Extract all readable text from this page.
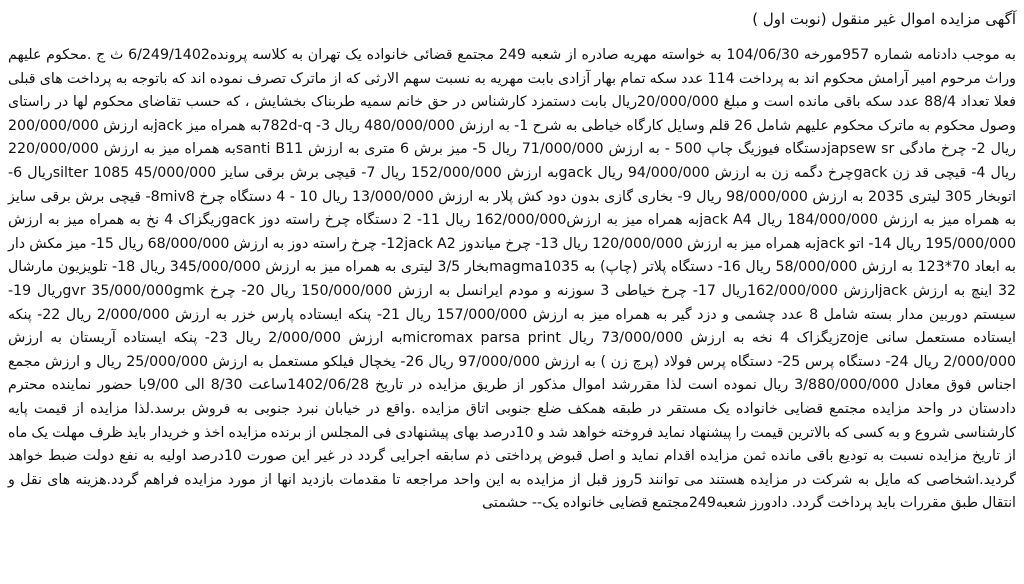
آگهی مزایده اموال غیر منقول (نوبت اول )

به موجب دادنامه شماره 957مورخه 104/06/30 به خواسته مهریه صادره از شعبه 249 مجتمع قضائی خانواده یک تهران به کلاسه پرونده6/249/1402 ث ج .محکوم علیهم وراث مرحوم امیر آرامش محکوم اند به پرداخت 114 عدد سکه تمام بهار آزادی بابت مهریه به نسبت سهم الارثی که از ماترک تصرف نموده اند که باتوجه به پرداخت های قبلی فعلا تعداد 88/4 عدد سکه باقی مانده است و مبلغ 20/000/000ریال بابت دستمزد کارشناس در حق خانم سمیه طربناک بخشایش ، که حسب تقاضای محکوم لها در راستای وصول محکوم به ماترک محکوم علیهم شامل 26 قلم وسایل کارگاه خیاطی به شرح 1- به ارزش 480/000/000 ریال 3- 782d-qبه همراه میز jackبه ارزش 200/000/000 ریال 2- چرخ مادگی japsew srدستگاه فیوزیگ چاپ 500 - به ارزش 71/000/000 ریال 5- میز برش 6 متری به ارزش santi B11به همراه میز به ارزش 220/000/000 ریال 4- قیچی قد زن gackچرخ دگمه زن به ارزش 94/000/000 ریال gackبه ارزش 152/000/000 ریال 7- قیچی برش برقی سایز silter 1085 45/000/000ریال 6- اتوبخار 305 لیتری 2035 به ارزش 98/000/000 ریال 9- بخاری گازی بدون دود کش پلار به ارزش 13/000/000 ریال 10 - 4 دستگاه چرخ 8miv8- قیچی برش برقی سایز به همراه میز به ارزش 184/000/000 ریال jack A4به همراه میز به ارزش162/000/000 ریال 11- 2 دستگاه چرخ راسته دوز gackزیگزاک 4 نخ به همراه میز به ارزش 195/000/000 ریال 14- اتو jackبه همراه میز به ارزش 120/000/000 ریال 13- چرخ میاندوز 12jack A2- چرخ راسته دوز به ارزش 68/000/000 ریال 15- میز مکش دار به ابعاد 70*123 به ارزش 58/000/000 ریال 16- دستگاه پلاتر (چاپ) به magma1035بخار 3/5 لیتری به همراه میز به ارزش 345/000/000 ریال 18- تلویزیون مارشال 32 اینچ به ارزش jackارزش 162/000/000ریال 17- چرخ خیاطی 3 سوزنه و مودم ایرانسل به ارزش 150/000/000 ریال 20- چرخ gvr 35/000/000gmkریال 19- سیستم دوربین مدار بسته شامل 8 عدد چشمی و دزد گیر به همراه میز به ارزش 157/000/000 ریال 21- پنکه ایستاده پارس خزر به ارزش 2/000/000 ریال 22- پنکه ایستاده مستعمل سانی zojeزیگزاک 4 نخه به ارزش 73/000/000 ریال micromax parsa printبه ارزش 2/000/000 ریال 23- پنکه ایستاده آریستان به ارزش 2/000/000 ریال 24- دستگاه پرس 25- دستگاه پرس فولاد (پرچ زن ) به ارزش 97/000/000 ریال 26- یخچال فیلکو مستعمل به ارزش 25/000/000 ریال و ارزش مجمع اجناس فوق معادل 3/880/000/000 ریال نموده است لذا مقررشد اموال مذکور از طریق مزایده در تاریخ 1402/06/28ساعت 8/30 الی 9/00با حضور نماینده محترم دادستان در واحد مزایده مجتمع قضایی خانواده یک مستقر در طبقه همکف ضلع جنوبی اتاق مزایده .واقع در خیابان نبرد جنوبی به فروش برسد.لذا مزایده از قیمت پایه کارشناسی شروع و به کسی که بالاترین قیمت را پیشنهاد نماید فروخته خواهد شد و 10درصد بهای پیشنهادی فی المجلس از برنده مزایده اخذ و خریدار باید ظرف مهلت یک ماه از تاریخ مزایده نسبت به تودیع باقی مانده ثمن مزایده اقدام نماید و اصل قبوض پرداختی ذم سابقه اجرایی گردد در غیر این صورت 10درصد اولیه به نفع دولت ضبط خواهد گردید.اشخاصی که مایل به شرکت در مزایده هستند می توانند 5روز قبل از مزایده به این واحد مراجعه تا مقدمات بازدید انها از مورد مزایده فراهم گردد.هزینه های نقل و انتقال طبق مقررات باید پرداخت گردد. دادورز شعبه249مجتمع قضایی خانواده یک-- حشمتی
